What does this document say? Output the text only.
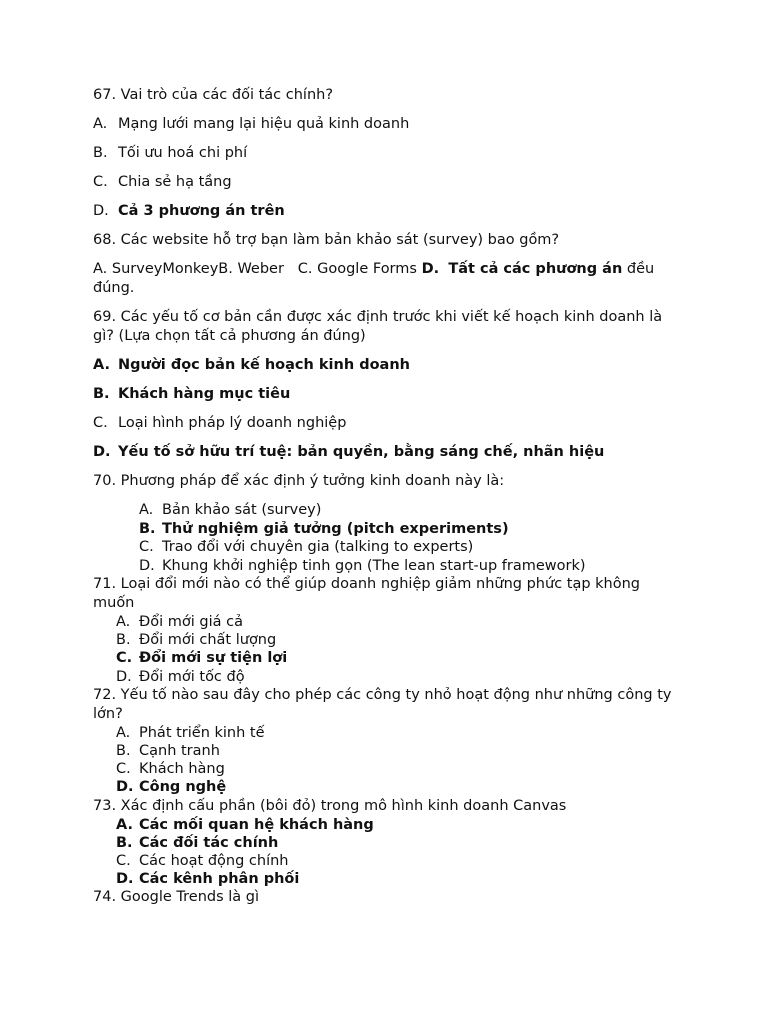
67. Vai trò của các đối tác chính?

A. Mạng lưới mang lại hiệu quả kinh doanh

B. Tối ưu hoá chi phí

C. Chia sẻ hạ tầng

D. Cả 3 phương án trên

68. Các website hỗ trợ bạn làm bản khảo sát (survey) bao gồm?

A. SurveyMonkeyB. Weber C. Google Forms D. Tất cả các phương án đều đúng.

69. Các yếu tố cơ bản cần được xác định trước khi viết kế hoạch kinh doanh là gì? (Lựa chọn tất cả phương án đúng)

A. Người đọc bản kế hoạch kinh doanh

B. Khách hàng mục tiêu

C. Loại hình pháp lý doanh nghiệp

D. Yếu tố sở hữu trí tuệ: bản quyền, bằng sáng chế, nhãn hiệu

70. Phương pháp để xác định ý tưởng kinh doanh này là:

A. Bản khảo sát (survey)
B. Thử nghiệm giả tưởng (pitch experiments)
C. Trao đổi với chuyên gia (talking to experts)
D. Khung khởi nghiệp tinh gọn (The lean start-up framework)

71. Loại đổi mới nào có thể giúp doanh nghiệp giảm những phức tạp không muốn

A. Đổi mới giá cả
B. Đổi mới chất lượng
C. Đổi mới sự tiện lợi
D. Đổi mới tốc độ

72. Yếu tố nào sau đây cho phép các công ty nhỏ hoạt động như những công ty lớn?

A. Phát triển kinh tế
B. Cạnh tranh
C. Khách hàng
D. Công nghệ

73. Xác định cấu phần (bôi đỏ) trong mô hình kinh doanh Canvas

A. Các mối quan hệ khách hàng
B. Các đối tác chính
C. Các hoạt động chính
D. Các kênh phân phối

74. Google Trends là gì
